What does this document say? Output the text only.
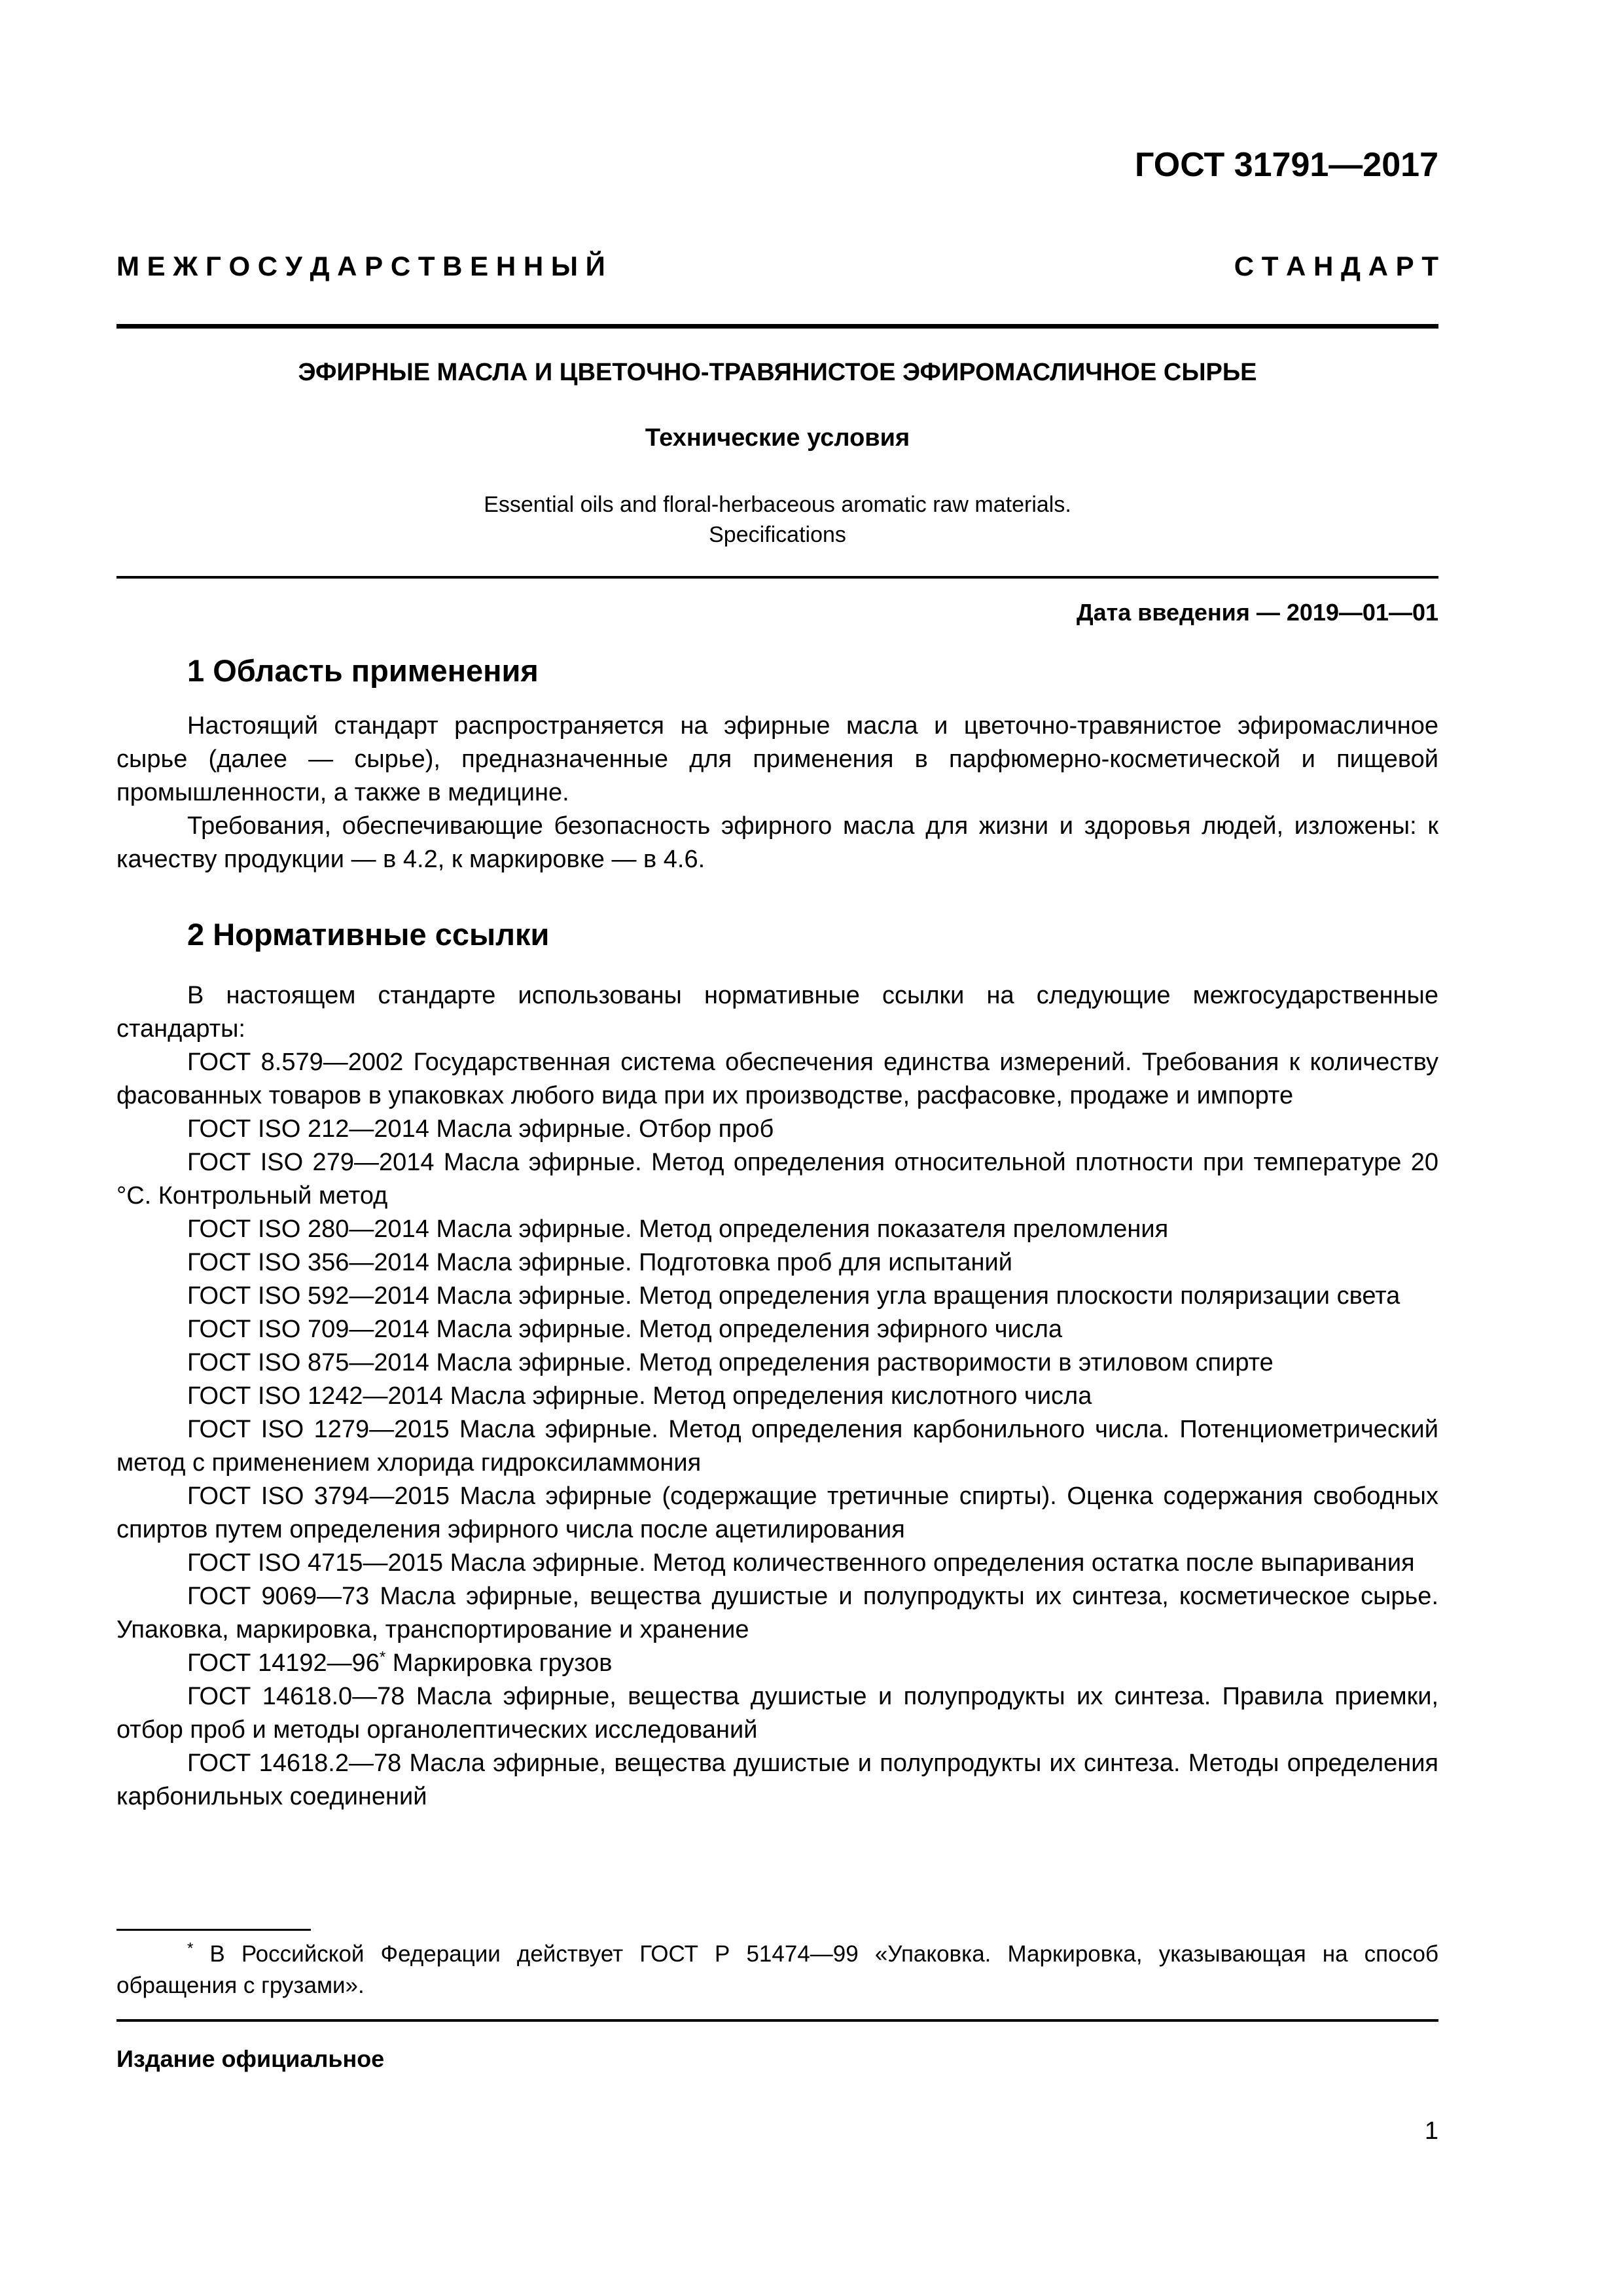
ГОСТ 31791—2017
М Е Ж Г О С У Д А Р С Т В Е Н Н Ы Й	С Т А Н Д А Р Т
ЭФИРНЫЕ МАСЛА И ЦВЕТОЧНО-ТРАВЯНИСТОЕ ЭФИРОМАСЛИЧНОЕ СЫРЬЕ
Технические условия
Essential oils and floral-herbaceous aromatic raw materials.
Specifications
Дата введения — 2019—01—01
1 Область применения

Настоящий стандарт распространяется на эфирные масла и цветочно-травянистое эфиромасличное сырье (далее — сырье), предназначенные для применения в парфюмерно-косметической и пищевой промышленности, а также в медицине.

Требования, обеспечивающие безопасность эфирного масла для жизни и здоровья людей, изложены: к качеству продукции — в 4.2, к маркировке — в 4.6.

2 Нормативные ссылки

В настоящем стандарте использованы нормативные ссылки на следующие межгосударственные стандарты:

ГОСТ 8.579—2002 Государственная система обеспечения единства измерений. Требования к количеству фасованных товаров в упаковках любого вида при их производстве, расфасовке, продаже и импорте

ГОСТ ISO 212—2014 Масла эфирные. Отбор проб

ГОСТ ISO 279—2014 Масла эфирные. Метод определения относительной плотности при температуре 20 °С. Контрольный метод

ГОСТ ISO 280—2014 Масла эфирные. Метод определения показателя преломления

ГОСТ ISO 356—2014 Масла эфирные. Подготовка проб для испытаний

ГОСТ ISO 592—2014 Масла эфирные. Метод определения угла вращения плоскости поляризации света

ГОСТ ISO 709—2014 Масла эфирные. Метод определения эфирного числа

ГОСТ ISO 875—2014 Масла эфирные. Метод определения растворимости в этиловом спирте

ГОСТ ISO 1242—2014 Масла эфирные. Метод определения кислотного числа

ГОСТ ISO 1279—2015 Масла эфирные. Метод определения карбонильного числа. Потенциометрический метод с применением хлорида гидроксиламмония

ГОСТ ISO 3794—2015 Масла эфирные (содержащие третичные спирты). Оценка содержания свободных спиртов путем определения эфирного числа после ацетилирования

ГОСТ ISO 4715—2015 Масла эфирные. Метод количественного определения остатка после выпаривания

ГОСТ 9069—73 Масла эфирные, вещества душистые и полупродукты их синтеза, косметическое сырье. Упаковка, маркировка, транспортирование и хранение

ГОСТ 14192—96* Маркировка грузов

ГОСТ 14618.0—78 Масла эфирные, вещества душистые и полупродукты их синтеза. Правила приемки, отбор проб и методы органолептических исследований

ГОСТ 14618.2—78 Масла эфирные, вещества душистые и полупродукты их синтеза. Методы определения карбонильных соединений

* В Российской Федерации действует ГОСТ Р 51474—99 «Упаковка. Маркировка, указывающая на способ обращения с грузами».

Издание официальное
1
